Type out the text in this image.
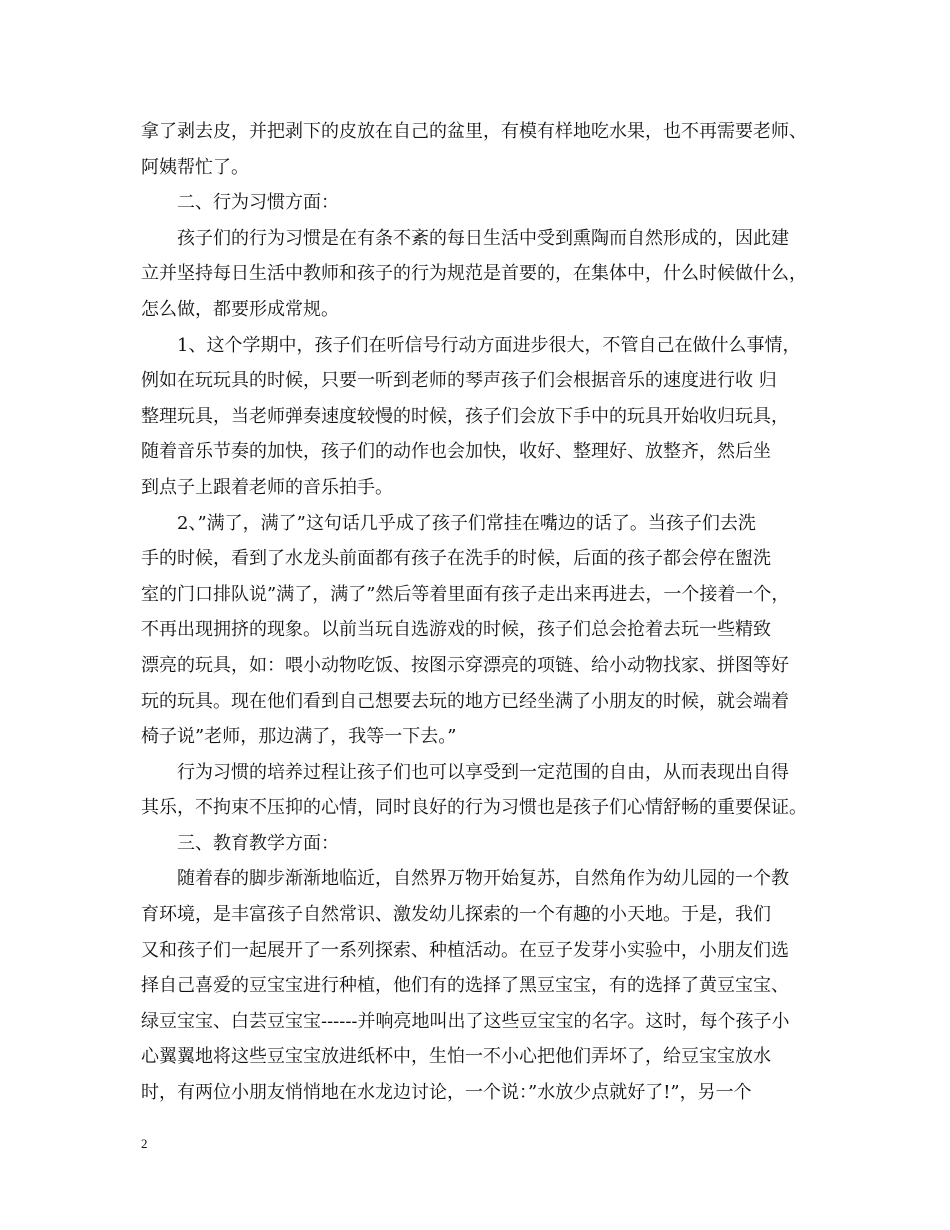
拿了剥去皮，并把剥下的皮放在自己的盆里，有模有样地吃水果，也不再需要老师、
阿姨帮忙了。
二、行为习惯方面：
孩子们的行为习惯是在有条不紊的每日生活中受到熏陶而自然形成的，因此建
立并坚持每日生活中教师和孩子的行为规范是首要的，在集体中，什么时候做什么，
怎么做，都要形成常规。
1、这个学期中，孩子们在听信号行动方面进步很大，不管自己在做什么事情，
例如在玩玩具的时候，只要一听到老师的琴声孩子们会根据音乐的速度进行收 归
整理玩具，当老师弹奏速度较慢的时候，孩子们会放下手中的玩具开始收归玩具，
随着音乐节奏的加快，孩子们的动作也会加快，收好、整理好、放整齐，然后坐
到点子上跟着老师的音乐拍手。
2、”满了，满了”这句话几乎成了孩子们常挂在嘴边的话了。当孩子们去洗
手的时候，看到了水龙头前面都有孩子在洗手的时候，后面的孩子都会停在盥洗
室的门口排队说”满了，满了”然后等着里面有孩子走出来再进去，一个接着一个，
不再出现拥挤的现象。以前当玩自选游戏的时候，孩子们总会抢着去玩一些精致
漂亮的玩具，如：喂小动物吃饭、按图示穿漂亮的项链、给小动物找家、拼图等好
玩的玩具。现在他们看到自己想要去玩的地方已经坐满了小朋友的时候，就会端着
椅子说”老师，那边满了，我等一下去。”
行为习惯的培养过程让孩子们也可以享受到一定范围的自由，从而表现出自得
其乐，不拘束不压抑的心情，同时良好的行为习惯也是孩子们心情舒畅的重要保证。
三、教育教学方面：
随着春的脚步渐渐地临近，自然界万物开始复苏，自然角作为幼儿园的一个教
育环境，是丰富孩子自然常识、激发幼儿探索的一个有趣的小天地。于是，我们
又和孩子们一起展开了一系列探索、种植活动。在豆子发芽小实验中，小朋友们选
择自己喜爱的豆宝宝进行种植，他们有的选择了黑豆宝宝，有的选择了黄豆宝宝、
绿豆宝宝、白芸豆宝宝------并响亮地叫出了这些豆宝宝的名字。这时，每个孩子小
心翼翼地将这些豆宝宝放进纸杯中，生怕一不小心把他们弄坏了，给豆宝宝放水
时，有两位小朋友悄悄地在水龙边讨论，一个说：”水放少点就好了!”，另一个
2
